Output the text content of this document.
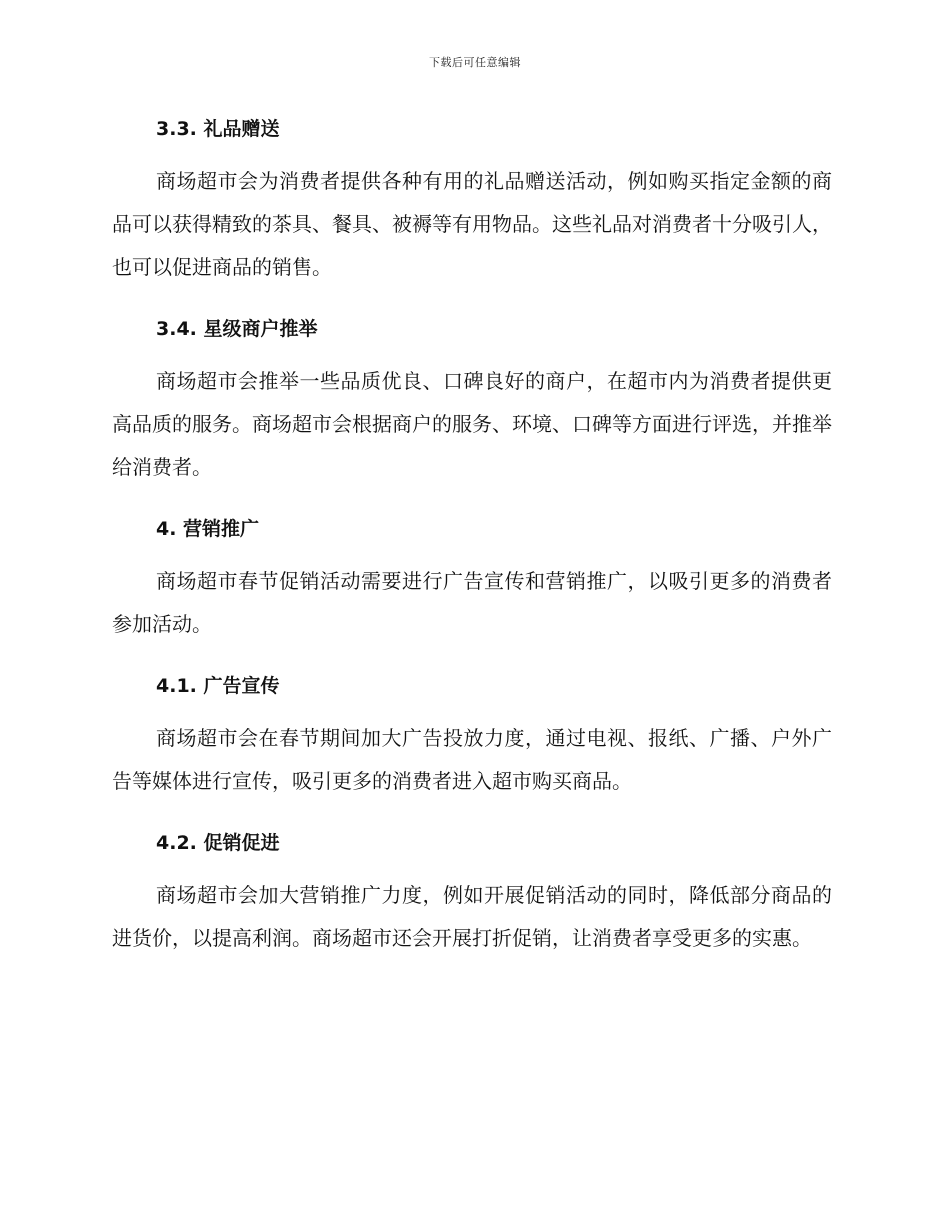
下载后可任意编辑
3.3. 礼品赠送

商场超市会为消费者提供各种有用的礼品赠送活动，例如购买指定金额的商品可以获得精致的茶具、餐具、被褥等有用物品。这些礼品对消费者十分吸引人，也可以促进商品的销售。

3.4. 星级商户推举

商场超市会推举一些品质优良、口碑良好的商户，在超市内为消费者提供更高品质的服务。商场超市会根据商户的服务、环境、口碑等方面进行评选，并推举给消费者。

4. 营销推广

商场超市春节促销活动需要进行广告宣传和营销推广，以吸引更多的消费者参加活动。

4.1. 广告宣传

商场超市会在春节期间加大广告投放力度，通过电视、报纸、广播、户外广告等媒体进行宣传，吸引更多的消费者进入超市购买商品。

4.2. 促销促进

商场超市会加大营销推广力度，例如开展促销活动的同时，降低部分商品的进货价，以提高利润。商场超市还会开展打折促销，让消费者享受更多的实惠。
